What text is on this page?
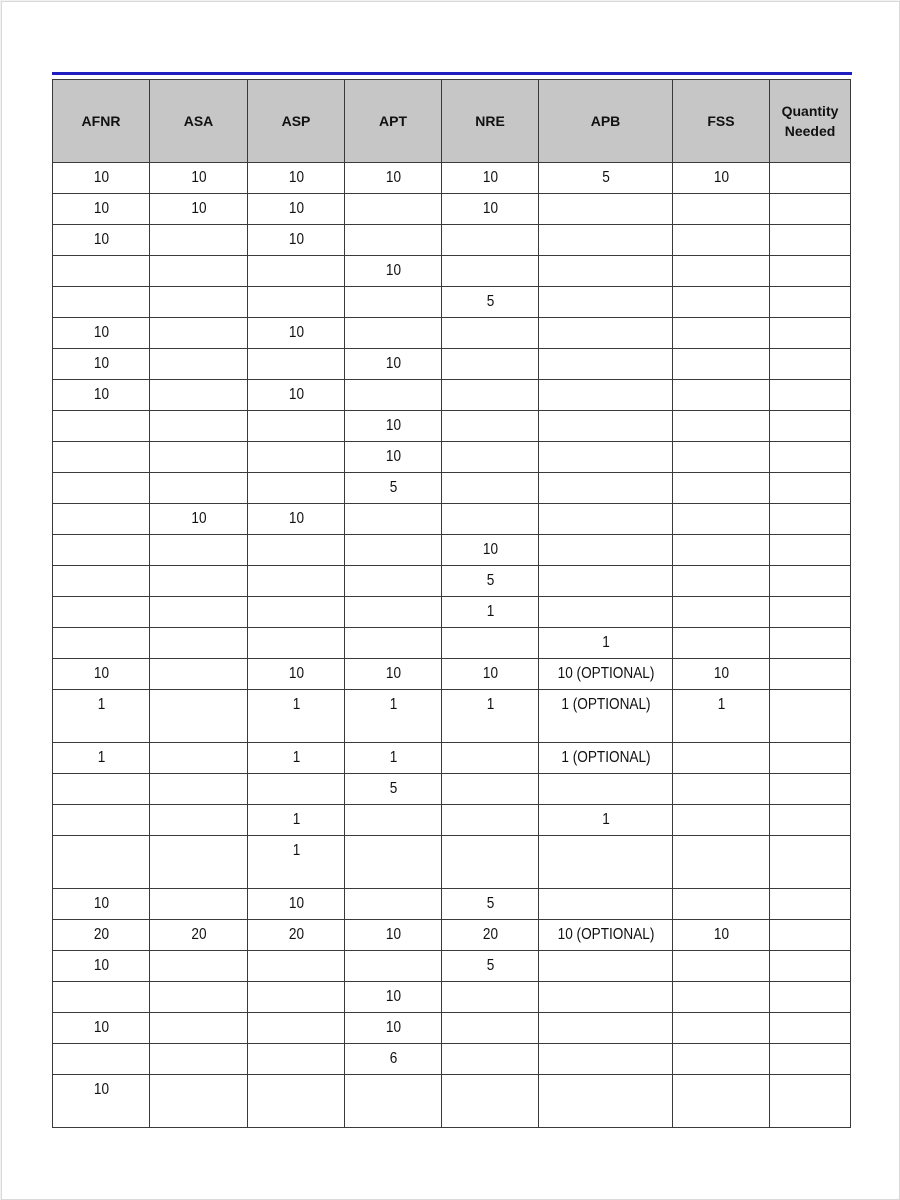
AFNR	ASA	ASP	APT	NRE	APB	FSS	Quantity Needed
10	10	10	10	10	5	10	
10	10	10		10			
10		10					
			10				
				5			
10		10					
10			10				
10		10					
			10				
			10				
			5				
	10	10					
				10			
				5			
				1			
					1		
10		10	10	10	10 (OPTIONAL)	10	
1		1	1	1	1 (OPTIONAL)	1	
1		1	1		1 (OPTIONAL)		
			5				
		1			1		
		1					
10		10		5			
20	20	20	10	20	10 (OPTIONAL)	10	
10				5			
			10				
10			10				
			6				
10							
